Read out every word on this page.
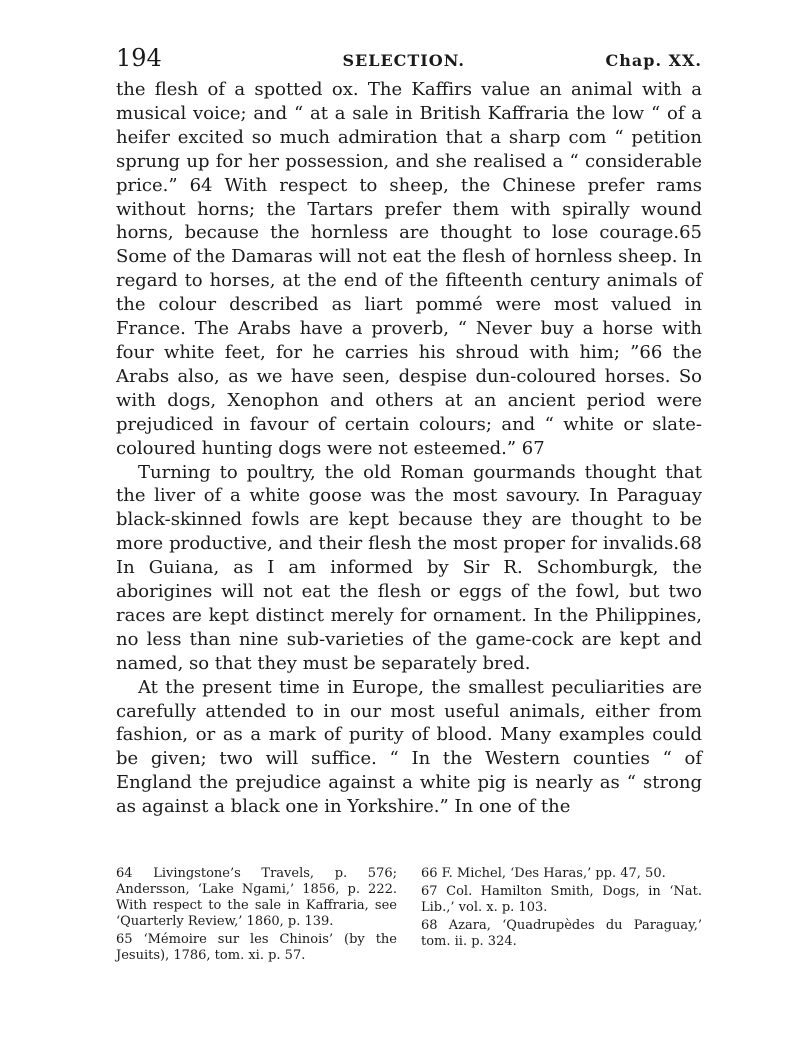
194	SELECTION.	Chap. XX.

the flesh of a spotted ox. The Kaffirs value an animal with a musical voice; and “ at a sale in British Kaffraria the low “ of a heifer excited so much admiration that a sharp com “ petition sprung up for her possession, and she realised a “ considerable price.” 64 With respect to sheep, the Chinese prefer rams without horns; the Tartars prefer them with spirally wound horns, because the hornless are thought to lose courage.65 Some of the Damaras will not eat the flesh of hornless sheep. In regard to horses, at the end of the fifteenth century animals of the colour described as liart pommé were most valued in France. The Arabs have a proverb, “ Never buy a horse with four white feet, for he carries his shroud with him; ”66 the Arabs also, as we have seen, despise dun-coloured horses. So with dogs, Xenophon and others at an ancient period were prejudiced in favour of certain colours; and “ white or slate-coloured hunting dogs were not esteemed.” 67

Turning to poultry, the old Roman gourmands thought that the liver of a white goose was the most savoury. In Paraguay black-skinned fowls are kept because they are thought to be more productive, and their flesh the most proper for invalids.68 In Guiana, as I am informed by Sir R. Schomburgk, the aborigines will not eat the flesh or eggs of the fowl, but two races are kept distinct merely for ornament. In the Philippines, no less than nine sub-varieties of the game-cock are kept and named, so that they must be separately bred.

At the present time in Europe, the smallest peculiarities are carefully attended to in our most useful animals, either from fashion, or as a mark of purity of blood. Many examples could be given; two will suffice. “ In the Western counties “ of England the prejudice against a white pig is nearly as “ strong as against a black one in Yorkshire.” In one of the

64 Livingstone’s Travels, p. 576; Andersson, ‘Lake Ngami,’ 1856, p. 222. With respect to the sale in Kaffraria, see ‘Quarterly Review,’ 1860, p. 139.

65 ‘Mémoire sur les Chinois’ (by the Jesuits), 1786, tom. xi. p. 57.

66 F. Michel, ‘Des Haras,’ pp. 47, 50.

67 Col. Hamilton Smith, Dogs, in ‘Nat. Lib.,’ vol. x. p. 103.

68 Azara, ‘Quadrupèdes du Paraguay,’ tom. ii. p. 324.
